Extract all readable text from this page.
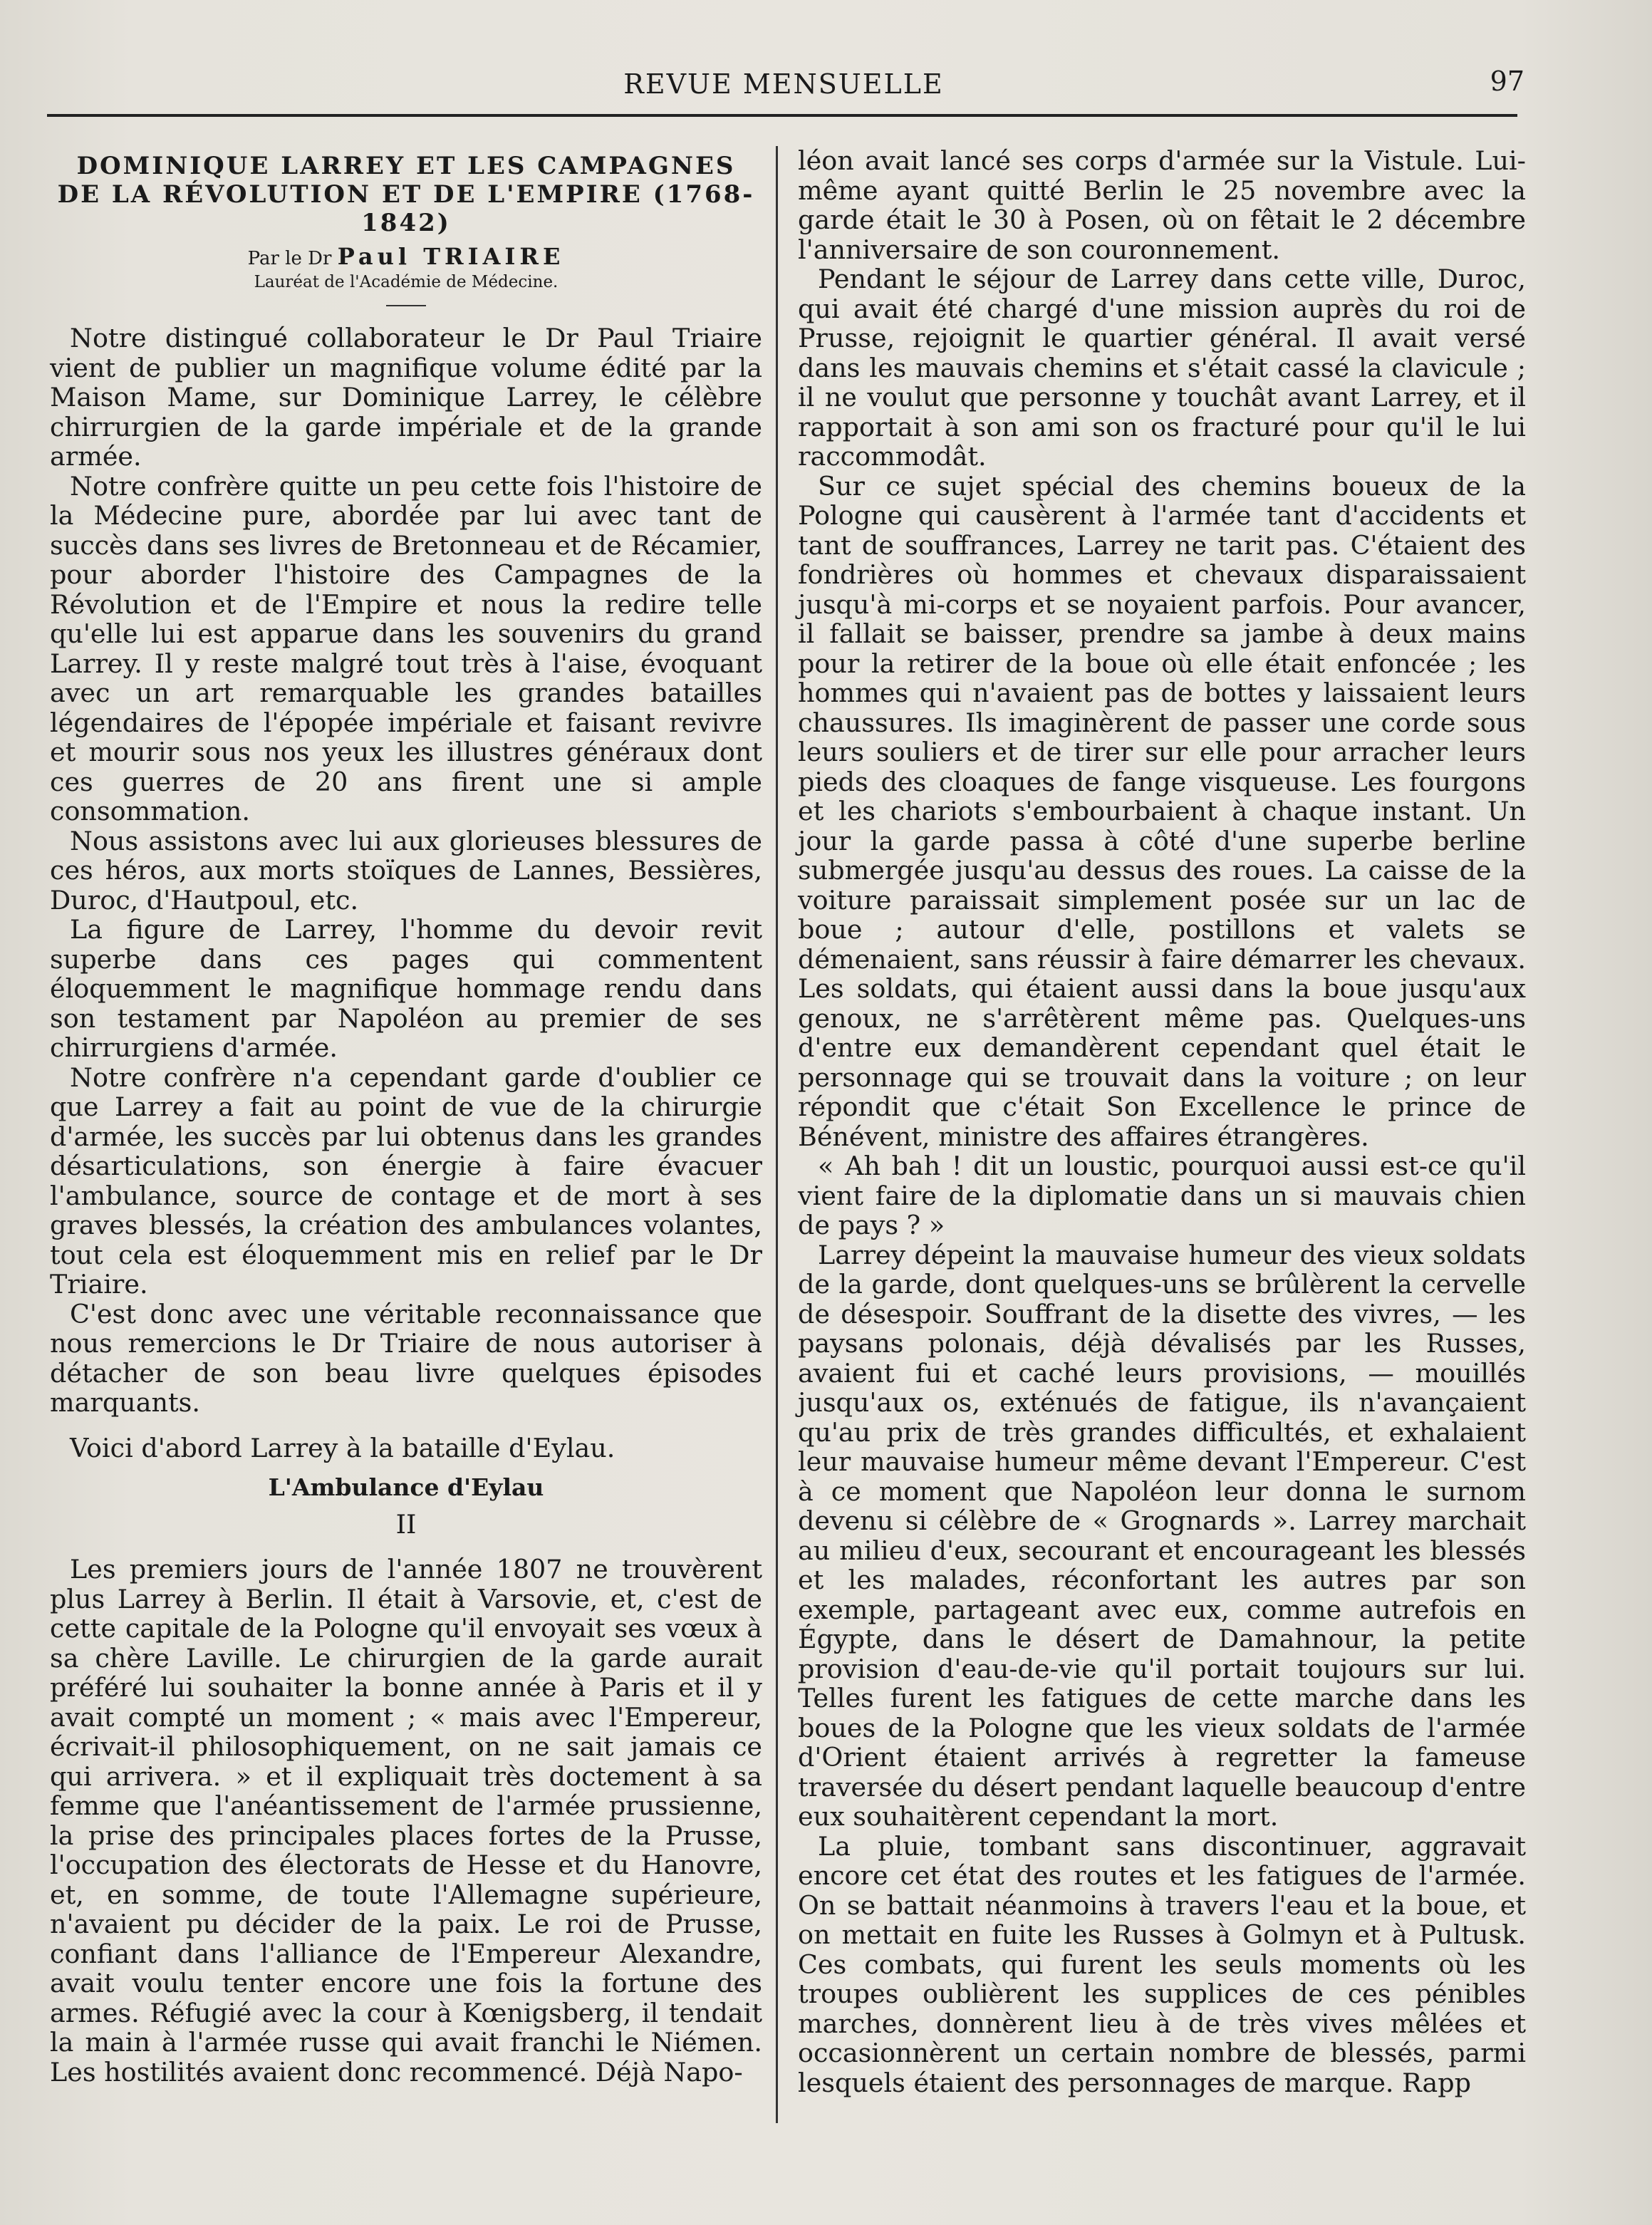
REVUE MENSUELLE	97
DOMINIQUE LARREY ET LES CAMPAGNES
DE LA RÉVOLUTION ET DE L'EMPIRE (1768-1842)
Par le Dr Paul TRIAIRE
Lauréat de l'Académie de Médecine.

Notre distingué collaborateur le Dr Paul Triaire vient de publier un magnifique volume édité par la Maison Mame, sur Dominique Larrey, le célèbre chirrurgien de la garde impériale et de la grande armée.

Notre confrère quitte un peu cette fois l'histoire de la Médecine pure, abordée par lui avec tant de succès dans ses livres de Bretonneau et de Récamier, pour aborder l'histoire des Campagnes de la Révolution et de l'Empire et nous la redire telle qu'elle lui est apparue dans les souvenirs du grand Larrey. Il y reste malgré tout très à l'aise, évoquant avec un art remarquable les grandes batailles légendaires de l'épopée impériale et faisant revivre et mourir sous nos yeux les illustres généraux dont ces guerres de 20 ans firent une si ample consommation.

Nous assistons avec lui aux glorieuses blessures de ces héros, aux morts stoïques de Lannes, Bessières, Duroc, d'Hautpoul, etc.

La figure de Larrey, l'homme du devoir revit superbe dans ces pages qui commentent éloquemment le magnifique hommage rendu dans son testament par Napoléon au premier de ses chirrurgiens d'armée.

Notre confrère n'a cependant garde d'oublier ce que Larrey a fait au point de vue de la chirurgie d'armée, les succès par lui obtenus dans les grandes désarticulations, son énergie à faire évacuer l'ambulance, source de contage et de mort à ses graves blessés, la création des ambulances volantes, tout cela est éloquemment mis en relief par le Dr Triaire.

C'est donc avec une véritable reconnaissance que nous remercions le Dr Triaire de nous autoriser à détacher de son beau livre quelques épisodes marquants.

Voici d'abord Larrey à la bataille d'Eylau.

L'Ambulance d'Eylau
II

Les premiers jours de l'année 1807 ne trouvèrent plus Larrey à Berlin. Il était à Varsovie, et, c'est de cette capitale de la Pologne qu'il envoyait ses vœux à sa chère Laville. Le chirurgien de la garde aurait préféré lui souhaiter la bonne année à Paris et il y avait compté un moment ; « mais avec l'Empereur, écrivait-il philosophiquement, on ne sait jamais ce qui arrivera. » et il expliquait très doctement à sa femme que l'anéantissement de l'armée prussienne, la prise des principales places fortes de la Prusse, l'occupation des électorats de Hesse et du Hanovre, et, en somme, de toute l'Allemagne supérieure, n'avaient pu décider de la paix. Le roi de Prusse, confiant dans l'alliance de l'Empereur Alexandre, avait voulu tenter encore une fois la fortune des armes. Réfugié avec la cour à Kœnigsberg, il tendait la main à l'armée russe qui avait franchi le Niémen. Les hostilités avaient donc recommencé. Déjà Napo-

léon avait lancé ses corps d'armée sur la Vistule. Lui-même ayant quitté Berlin le 25 novembre avec la garde était le 30 à Posen, où on fêtait le 2 décembre l'anniversaire de son couronnement.

Pendant le séjour de Larrey dans cette ville, Duroc, qui avait été chargé d'une mission auprès du roi de Prusse, rejoignit le quartier général. Il avait versé dans les mauvais chemins et s'était cassé la clavicule ; il ne voulut que personne y touchât avant Larrey, et il rapportait à son ami son os fracturé pour qu'il le lui raccommodât.

Sur ce sujet spécial des chemins boueux de la Pologne qui causèrent à l'armée tant d'accidents et tant de souffrances, Larrey ne tarit pas. C'étaient des fondrières où hommes et chevaux disparaissaient jusqu'à mi-corps et se noyaient parfois. Pour avancer, il fallait se baisser, prendre sa jambe à deux mains pour la retirer de la boue où elle était enfoncée ; les hommes qui n'avaient pas de bottes y laissaient leurs chaussures. Ils imaginèrent de passer une corde sous leurs souliers et de tirer sur elle pour arracher leurs pieds des cloaques de fange visqueuse. Les fourgons et les chariots s'embourbaient à chaque instant. Un jour la garde passa à côté d'une superbe berline submergée jusqu'au dessus des roues. La caisse de la voiture paraissait simplement posée sur un lac de boue ; autour d'elle, postillons et valets se démenaient, sans réussir à faire démarrer les chevaux. Les soldats, qui étaient aussi dans la boue jusqu'aux genoux, ne s'arrêtèrent même pas. Quelques-uns d'entre eux demandèrent cependant quel était le personnage qui se trouvait dans la voiture ; on leur répondit que c'était Son Excellence le prince de Bénévent, ministre des affaires étrangères.

« Ah bah ! dit un loustic, pourquoi aussi est-ce qu'il vient faire de la diplomatie dans un si mauvais chien de pays ? »

Larrey dépeint la mauvaise humeur des vieux soldats de la garde, dont quelques-uns se brûlèrent la cervelle de désespoir. Souffrant de la disette des vivres, — les paysans polonais, déjà dévalisés par les Russes, avaient fui et caché leurs provisions, — mouillés jusqu'aux os, exténués de fatigue, ils n'avançaient qu'au prix de très grandes difficultés, et exhalaient leur mauvaise humeur même devant l'Empereur. C'est à ce moment que Napoléon leur donna le surnom devenu si célèbre de « Grognards ». Larrey marchait au milieu d'eux, secourant et encourageant les blessés et les malades, réconfortant les autres par son exemple, partageant avec eux, comme autrefois en Égypte, dans le désert de Damahnour, la petite provision d'eau-de-vie qu'il portait toujours sur lui. Telles furent les fatigues de cette marche dans les boues de la Pologne que les vieux soldats de l'armée d'Orient étaient arrivés à regretter la fameuse traversée du désert pendant laquelle beaucoup d'entre eux souhaitèrent cependant la mort.

La pluie, tombant sans discontinuer, aggravait encore cet état des routes et les fatigues de l'armée. On se battait néanmoins à travers l'eau et la boue, et on mettait en fuite les Russes à Golmyn et à Pultusk. Ces combats, qui furent les seuls moments où les troupes oublièrent les supplices de ces pénibles marches, donnèrent lieu à de très vives mêlées et occasionnèrent un certain nombre de blessés, parmi lesquels étaient des personnages de marque. Rapp
